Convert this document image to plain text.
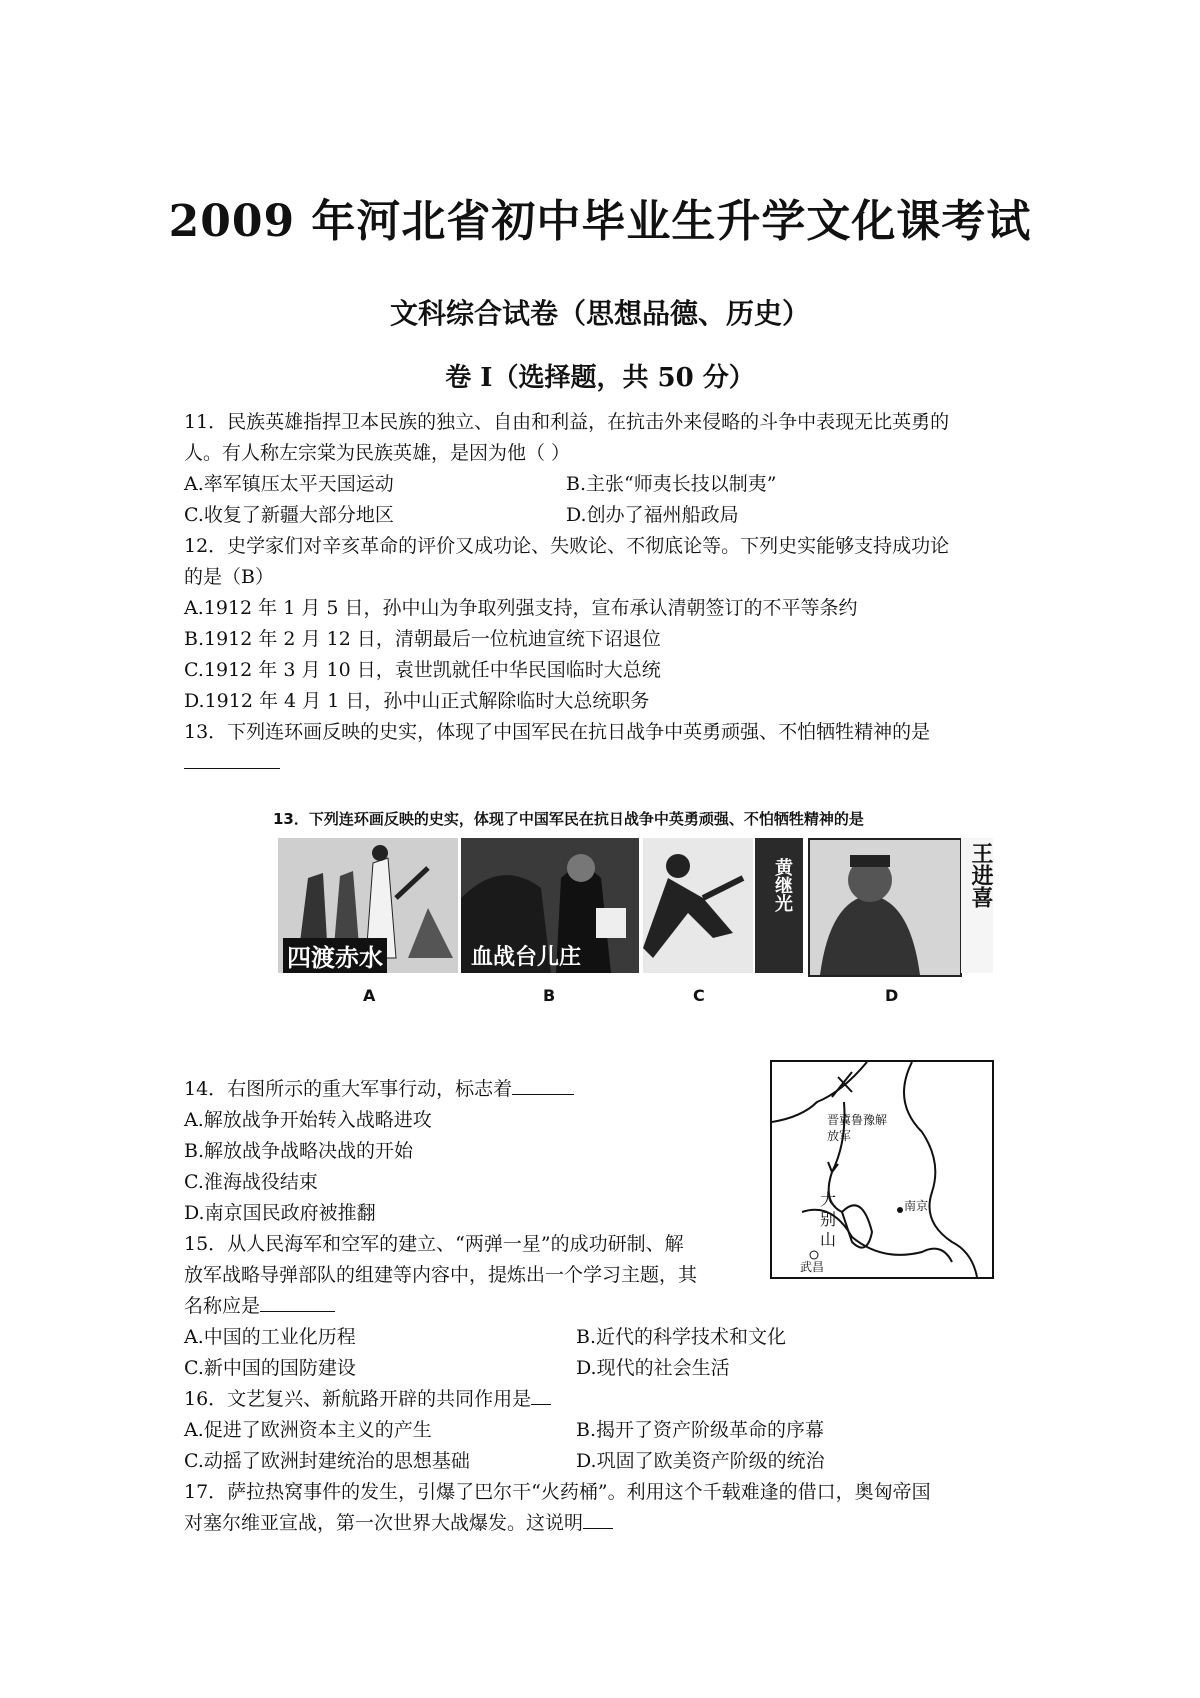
2009 年河北省初中毕业生升学文化课考试
文科综合试卷（思想品德、历史）
卷 I（选择题，共 50 分）
11．民族英雄指捍卫本民族的独立、自由和利益，在抗击外来侵略的斗争中表现无比英勇的
人。有人称左宗棠为民族英雄，是因为他（ ）
A.率军镇压太平天国运动	B.主张“师夷长技以制夷”
C.收复了新疆大部分地区	D.创办了福州船政局
12．史学家们对辛亥革命的评价又成功论、失败论、不彻底论等。下列史实能够支持成功论
的是（B）
A.1912 年 1 月 5 日，孙中山为争取列强支持，宣布承认清朝签订的不平等条约
B.1912 年 2 月 12 日，清朝最后一位杭迪宣统下诏退位
C.1912 年 3 月 10 日，袁世凯就任中华民国临时大总统
D.1912 年 4 月 1 日，孙中山正式解除临时大总统职务
13．下列连环画反映的史实，体现了中国军民在抗日战争中英勇顽强、不怕牺牲精神的是
13．下列连环画反映的史实，体现了中国军民在抗日战争中英勇顽强、不怕牺牲精神的是
四渡赤水	血战台儿庄
黄继光	王进喜
A	B	C	D
14．右图所示的重大军事行动，标志着
A.解放战争开始转入战略进攻
B.解放战争战略决战的开始
C.淮海战役结束
D.南京国民政府被推翻
晋冀鲁豫解放军
大别山
南京
武昌
15．从人民海军和空军的建立、“两弹一星”的成功研制、解
放军战略导弹部队的组建等内容中，提炼出一个学习主题，其
名称应是
A.中国的工业化历程	B.近代的科学技术和文化
C.新中国的国防建设	D.现代的社会生活
16．文艺复兴、新航路开辟的共同作用是
A.促进了欧洲资本主义的产生	B.揭开了资产阶级革命的序幕
C.动摇了欧洲封建统治的思想基础	D.巩固了欧美资产阶级的统治
17．萨拉热窝事件的发生，引爆了巴尔干“火药桶”。利用这个千载难逢的借口，奥匈帝国
对塞尔维亚宣战，第一次世界大战爆发。这说明
